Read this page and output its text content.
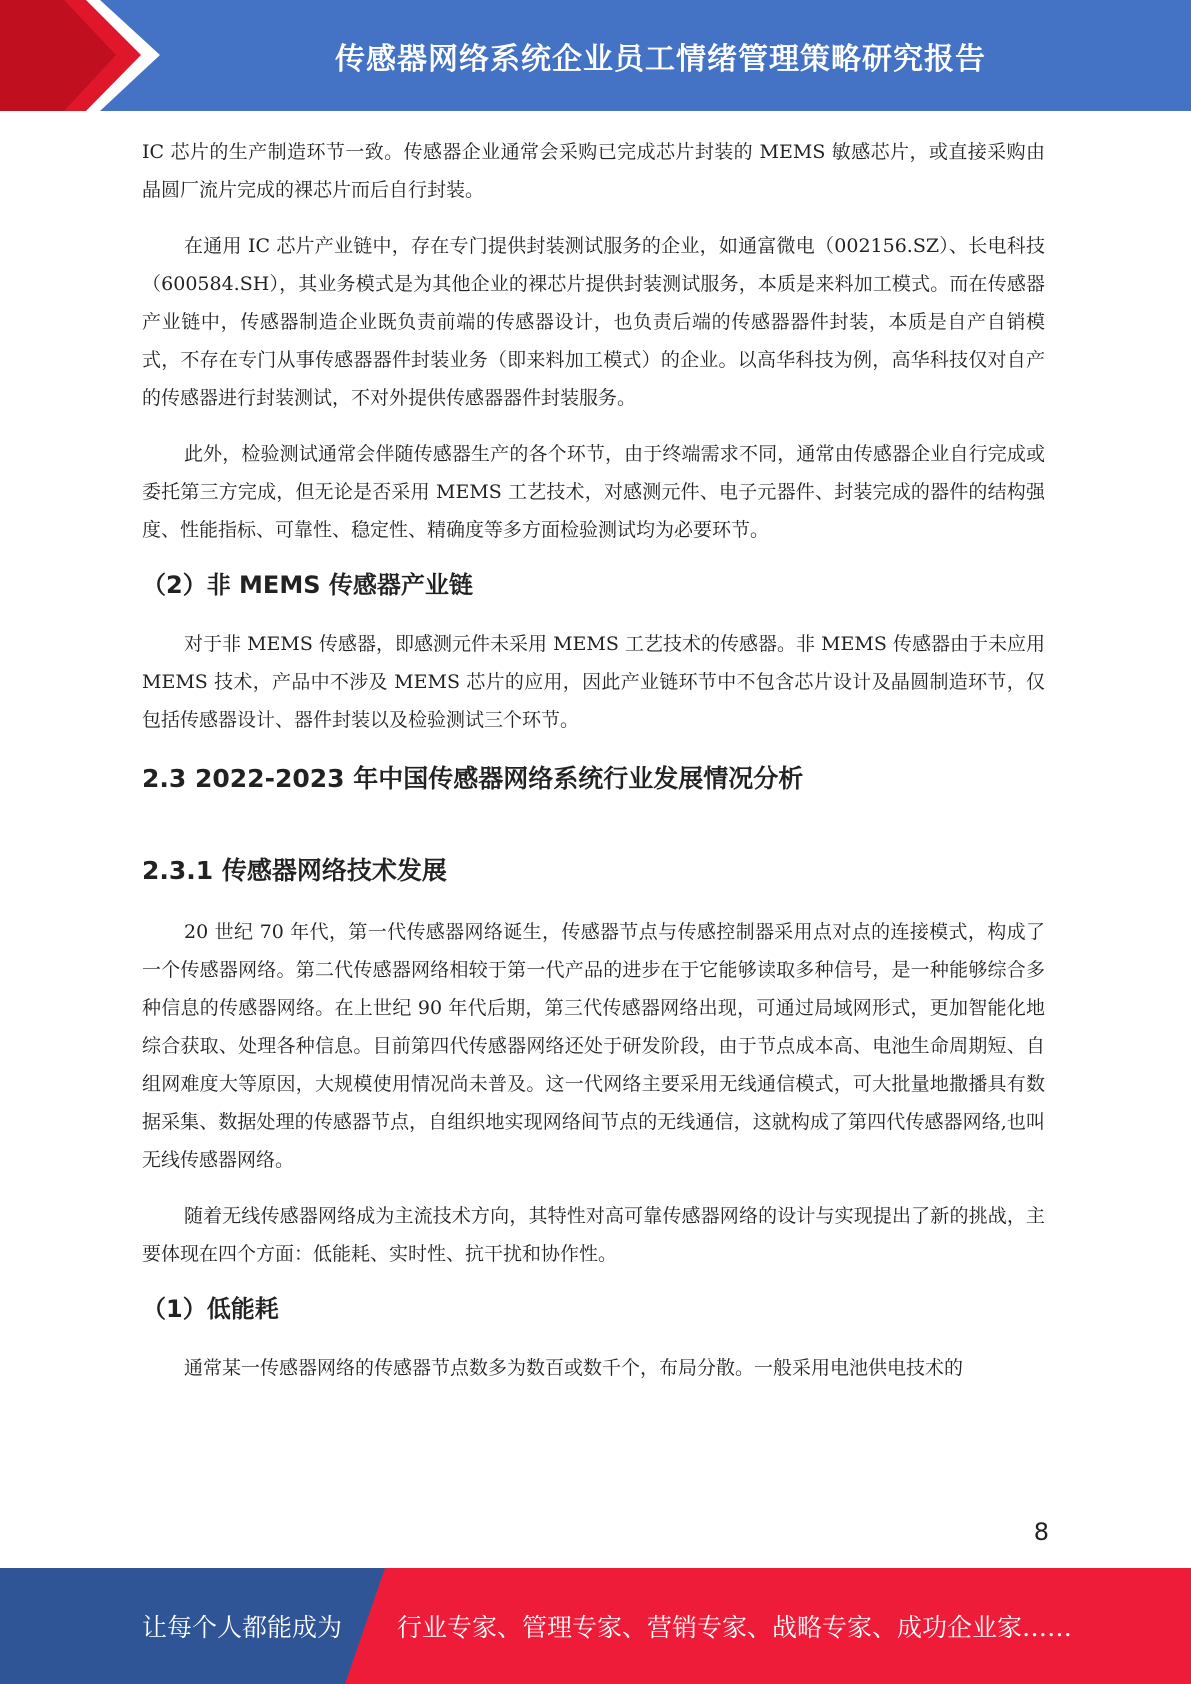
传感器网络系统企业员工情绪管理策略研究报告

IC 芯片的生产制造环节一致。传感器企业通常会采购已完成芯片封装的 MEMS 敏感芯片，或直接采购由晶圆厂流片完成的裸芯片而后自行封装。

在通用 IC 芯片产业链中，存在专门提供封装测试服务的企业，如通富微电（002156.SZ）、长电科技（600584.SH），其业务模式是为其他企业的裸芯片提供封装测试服务，本质是来料加工模式。而在传感器产业链中，传感器制造企业既负责前端的传感器设计，也负责后端的传感器器件封装，本质是自产自销模式，不存在专门从事传感器器件封装业务（即来料加工模式）的企业。以高华科技为例，高华科技仅对自产的传感器进行封装测试，不对外提供传感器器件封装服务。

此外，检验测试通常会伴随传感器生产的各个环节，由于终端需求不同，通常由传感器企业自行完成或委托第三方完成，但无论是否采用 MEMS 工艺技术，对感测元件、电子元器件、封装完成的器件的结构强度、性能指标、可靠性、稳定性、精确度等多方面检验测试均为必要环节。

（2）非 MEMS 传感器产业链

对于非 MEMS 传感器，即感测元件未采用 MEMS 工艺技术的传感器。非 MEMS 传感器由于未应用 MEMS 技术，产品中不涉及 MEMS 芯片的应用，因此产业链环节中不包含芯片设计及晶圆制造环节，仅包括传感器设计、器件封装以及检验测试三个环节。

2.3 2022-2023 年中国传感器网络系统行业发展情况分析
2.3.1 传感器网络技术发展

20 世纪 70 年代，第一代传感器网络诞生，传感器节点与传感控制器采用点对点的连接模式，构成了一个传感器网络。第二代传感器网络相较于第一代产品的进步在于它能够读取多种信号，是一种能够综合多种信息的传感器网络。在上世纪 90 年代后期，第三代传感器网络出现，可通过局域网形式，更加智能化地综合获取、处理各种信息。目前第四代传感器网络还处于研发阶段，由于节点成本高、电池生命周期短、自组网难度大等原因，大规模使用情况尚未普及。这一代网络主要采用无线通信模式，可大批量地撒播具有数据采集、数据处理的传感器节点，自组织地实现网络间节点的无线通信，这就构成了第四代传感器网络,也叫无线传感器网络。

随着无线传感器网络成为主流技术方向，其特性对高可靠传感器网络的设计与实现提出了新的挑战，主要体现在四个方面：低能耗、实时性、抗干扰和协作性。

（1）低能耗

通常某一传感器网络的传感器节点数多为数百或数千个，布局分散。一般采用电池供电技术的

8
让每个人都能成为 行业专家、管理专家、营销专家、战略专家、成功企业家……
